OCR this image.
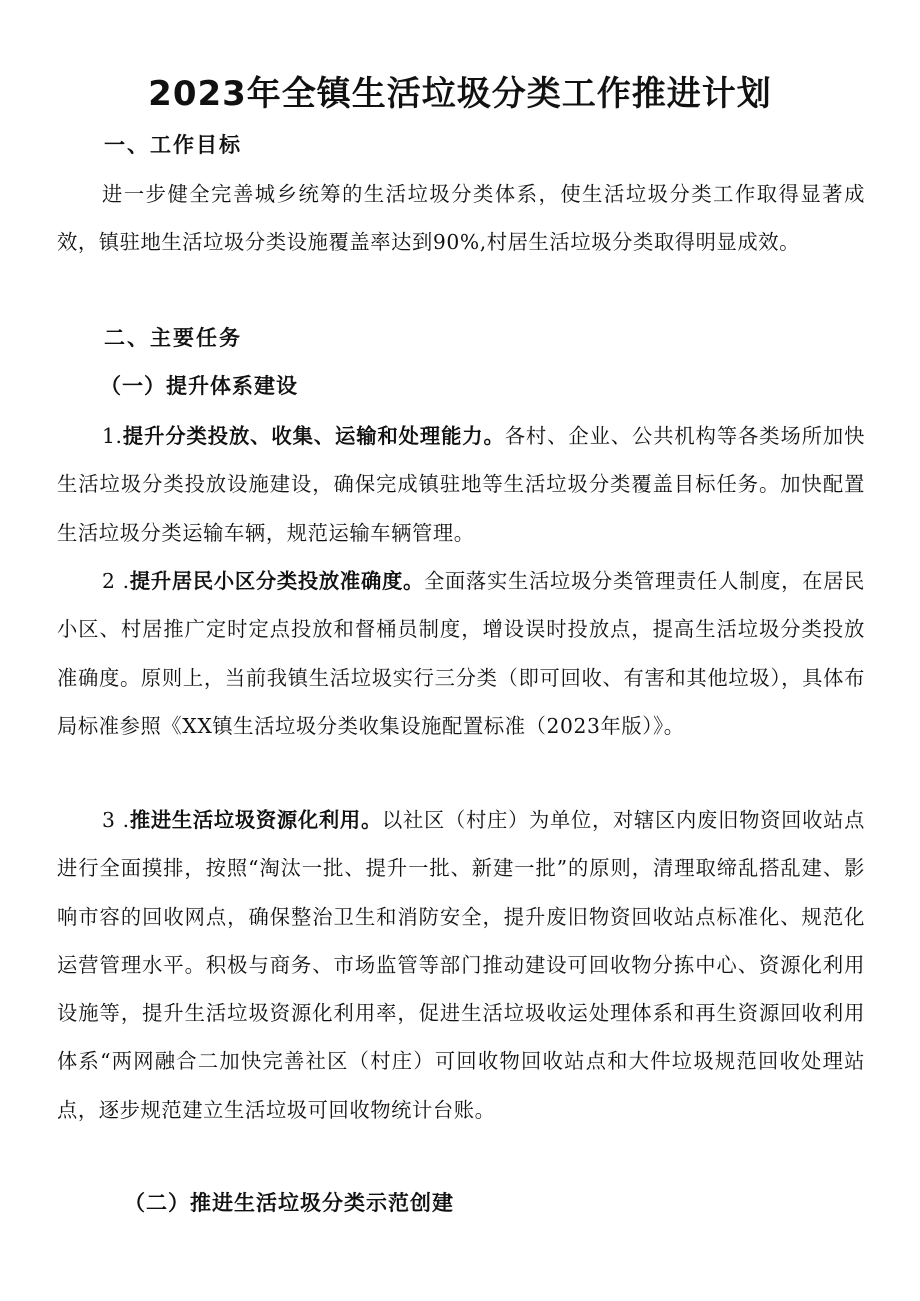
2023年全镇生活垃圾分类工作推进计划
一、工作目标
进一步健全完善城乡统筹的生活垃圾分类体系，使生活垃圾分类工作取得显著成效，镇驻地生活垃圾分类设施覆盖率达到90%,村居生活垃圾分类取得明显成效。
二、主要任务
（一）提升体系建设
1.提升分类投放、收集、运输和处理能力。各村、企业、公共机构等各类场所加快生活垃圾分类投放设施建设，确保完成镇驻地等生活垃圾分类覆盖目标任务。加快配置生活垃圾分类运输车辆，规范运输车辆管理。
2 .提升居民小区分类投放准确度。全面落实生活垃圾分类管理责任人制度，在居民小区、村居推广定时定点投放和督桶员制度，增设误时投放点，提高生活垃圾分类投放准确度。原则上，当前我镇生活垃圾实行三分类（即可回收、有害和其他垃圾），具体布局标准参照《XX镇生活垃圾分类收集设施配置标准（2023年版）》。
3 .推进生活垃圾资源化利用。以社区（村庄）为单位，对辖区内废旧物资回收站点进行全面摸排，按照“淘汰一批、提升一批、新建一批”的原则，清理取缔乱搭乱建、影响市容的回收网点，确保整治卫生和消防安全，提升废旧物资回收站点标准化、规范化运营管理水平。积极与商务、市场监管等部门推动建设可回收物分拣中心、资源化利用设施等，提升生活垃圾资源化利用率，促进生活垃圾收运处理体系和再生资源回收利用体系“两网融合二加快完善社区（村庄）可回收物回收站点和大件垃圾规范回收处理站点，逐步规范建立生活垃圾可回收物统计台账。
（二）推进生活垃圾分类示范创建
